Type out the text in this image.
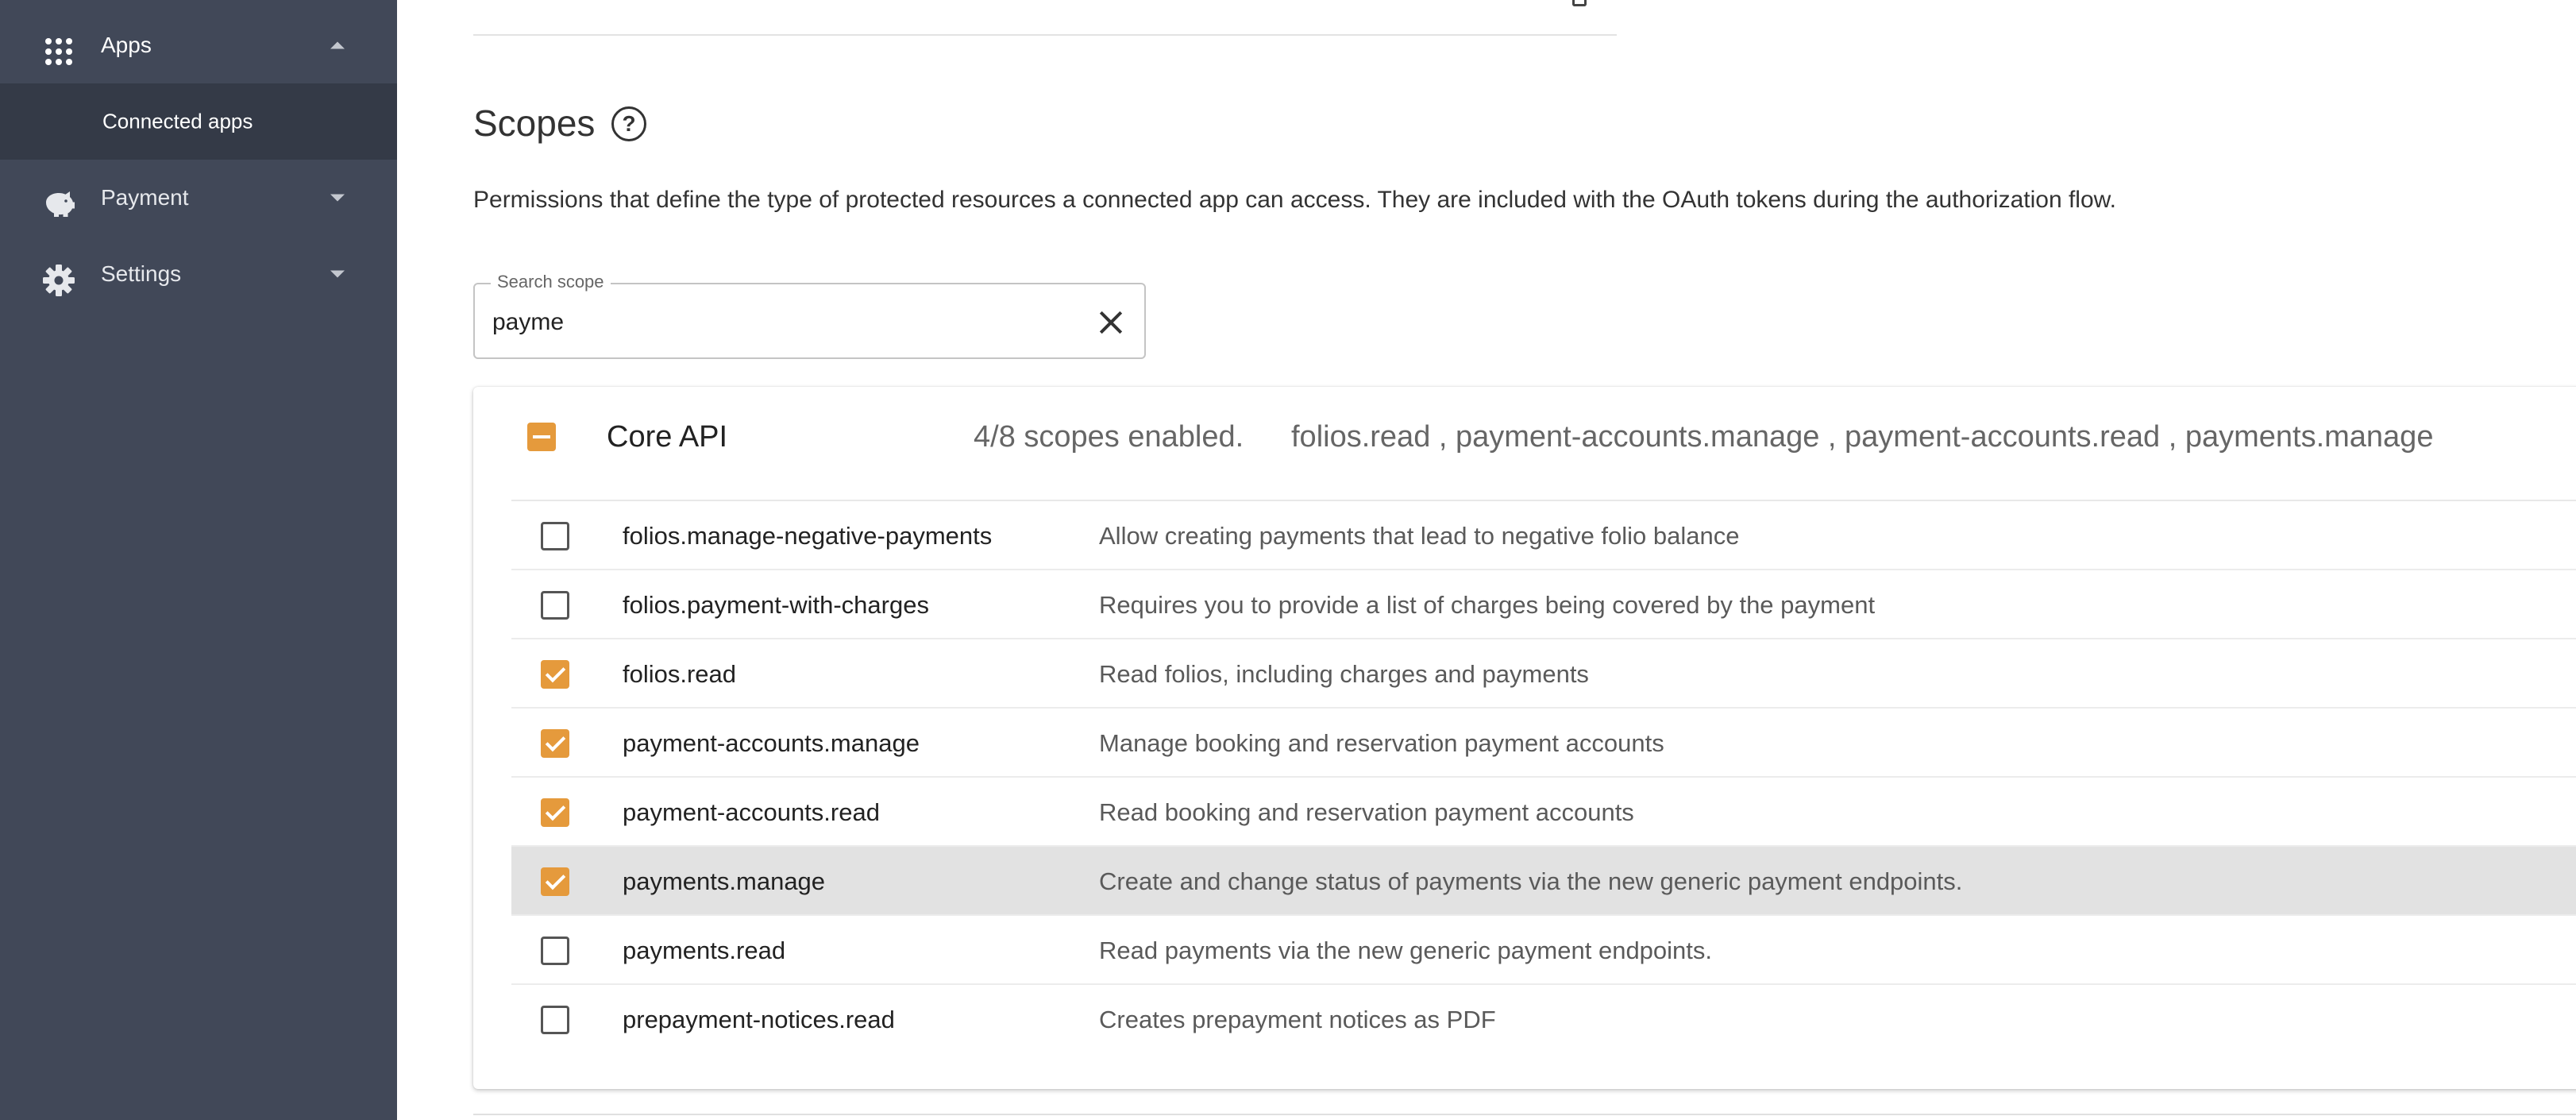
Apps
Connected apps
Payment
Settings
Scopes	?

Permissions that define the type of protected resources a connected app can access. They are included with the OAuth tokens during the authorization flow.

Search scope
payme
Core API	4/8 scopes enabled. folios.read , payment-accounts.manage , payment-accounts.read , payments.manage
folios.manage-negative-payments	Allow creating payments that lead to negative folio balance
folios.payment-with-charges	Requires you to provide a list of charges being covered by the payment
folios.read	Read folios, including charges and payments
payment-accounts.manage	Manage booking and reservation payment accounts
payment-accounts.read	Read booking and reservation payment accounts
payments.manage	Create and change status of payments via the new generic payment endpoints.
payments.read	Read payments via the new generic payment endpoints.
prepayment-notices.read	Creates prepayment notices as PDF
